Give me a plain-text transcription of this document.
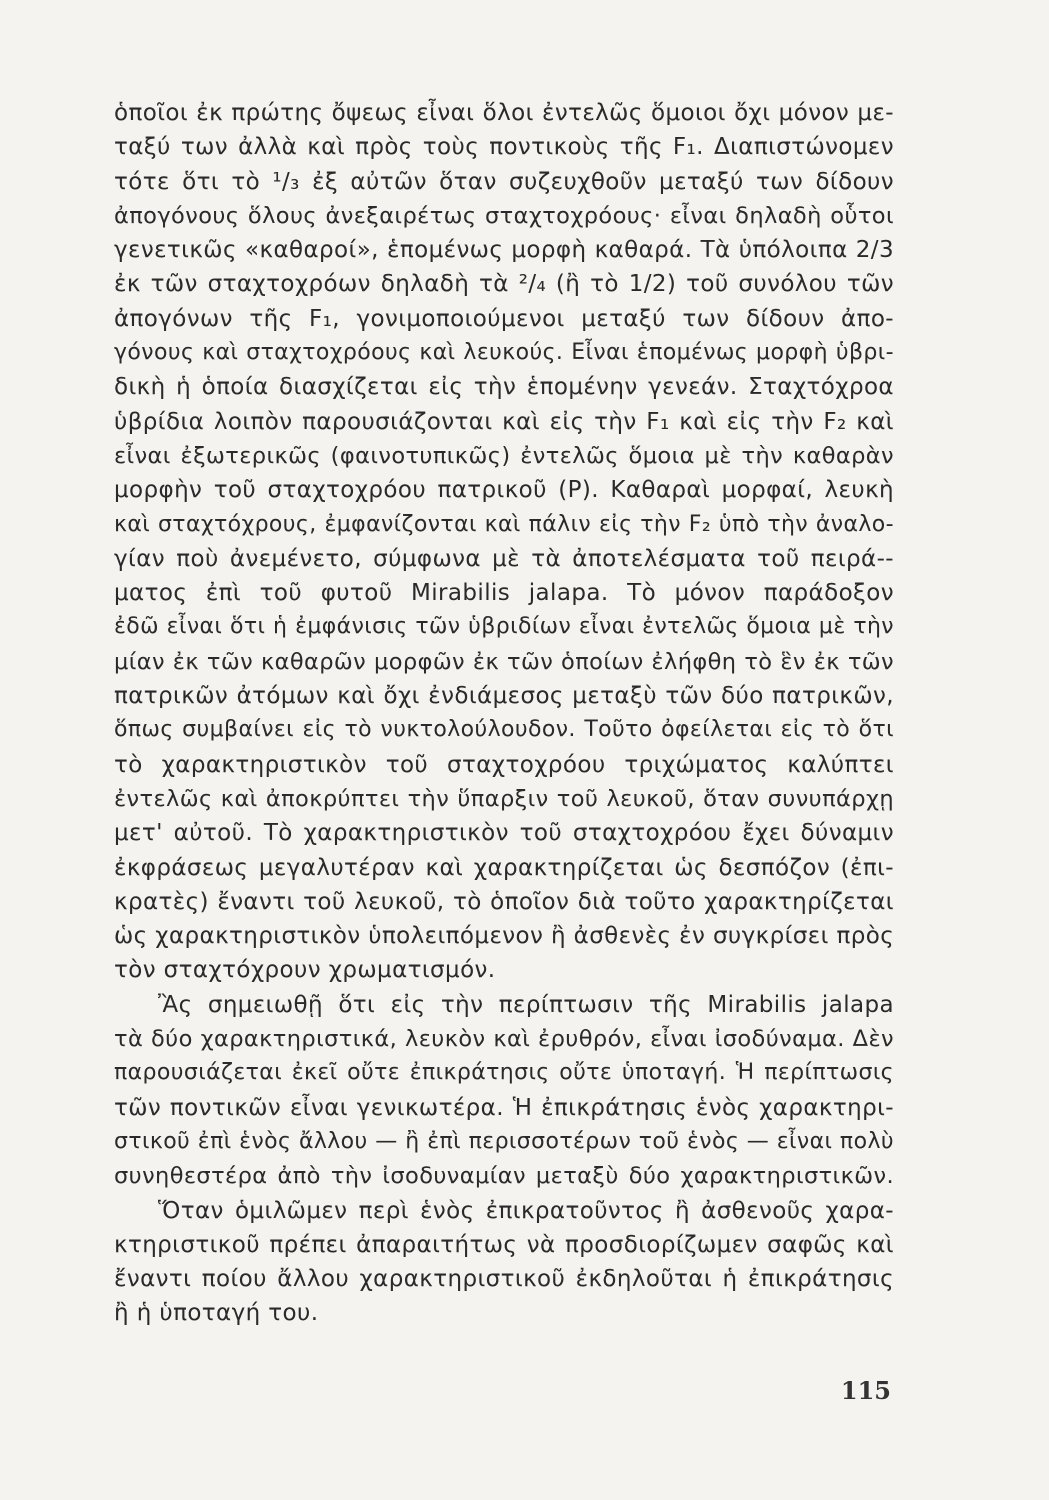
ὁποῖοι ἐκ πρώτης ὄψεως εἶναι ὅλοι ἐντελῶς ὅμοιοι ὄχι μόνον με-
ταξύ των ἀλλὰ καὶ πρὸς τοὺς ποντικοὺς τῆς F₁. Διαπιστώνομεν
τότε ὅτι τὸ ¹/₃ ἐξ αὐτῶν ὅταν συζευχθοῦν μεταξύ των δίδουν
ἀπογόνους ὅλους ἀνεξαιρέτως σταχτοχρόους· εἶναι δηλαδὴ οὗτοι
γενετικῶς «καθαροί», ἑπομένως μορφὴ καθαρά. Τὰ ὑπόλοιπα 2/3
ἐκ τῶν σταχτοχρόων δηλαδὴ τὰ ²/₄ (ἢ τὸ 1/2) τοῦ συνόλου τῶν
ἀπογόνων τῆς F₁, γονιμοποιούμενοι μεταξύ των δίδουν ἀπο-
γόνους καὶ σταχτοχρόους καὶ λευκούς. Εἶναι ἑπομένως μορφὴ ὑβρι-
δικὴ ἡ ὁποία διασχίζεται εἰς τὴν ἑπομένην γενεάν. Σταχτόχροα
ὑβρίδια λοιπὸν παρουσιάζονται καὶ εἰς τὴν F₁ καὶ εἰς τὴν F₂ καὶ
εἶναι ἐξωτερικῶς (φαινοτυπικῶς) ἐντελῶς ὅμοια μὲ τὴν καθαρὰν
μορφὴν τοῦ σταχτοχρόου πατρικοῦ (P). Καθαραὶ μορφαί, λευκὴ
καὶ σταχτόχρους, ἐμφανίζονται καὶ πάλιν εἰς τὴν F₂ ὑπὸ τὴν ἀναλο-
γίαν ποὺ ἀνεμένετο, σύμφωνα μὲ τὰ ἀποτελέσματα τοῦ πειρά--
ματος ἐπὶ τοῦ φυτοῦ Mirabilis jalapa. Τὸ μόνον παράδοξον
ἐδῶ εἶναι ὅτι ἡ ἐμφάνισις τῶν ὑβριδίων εἶναι ἐντελῶς ὅμοια μὲ τὴν
μίαν ἐκ τῶν καθαρῶν μορφῶν ἐκ τῶν ὁποίων ἐλήφθη τὸ ἓν ἐκ τῶν
πατρικῶν ἀτόμων καὶ ὄχι ἐνδιάμεσος μεταξὺ τῶν δύο πατρικῶν,
ὅπως συμβαίνει εἰς τὸ νυκτολούλουδον. Τοῦτο ὀφείλεται εἰς τὸ ὅτι
τὸ χαρακτηριστικὸν τοῦ σταχτοχρόου τριχώματος καλύπτει
ἐντελῶς καὶ ἀποκρύπτει τὴν ὕπαρξιν τοῦ λευκοῦ, ὅταν συνυπάρχῃ
μετ' αὐτοῦ. Τὸ χαρακτηριστικὸν τοῦ σταχτοχρόου ἔχει δύναμιν
ἐκφράσεως μεγαλυτέραν καὶ χαρακτηρίζεται ὡς δεσπόζον (ἐπι-
κρατὲς) ἔναντι τοῦ λευκοῦ, τὸ ὁποῖον διὰ τοῦτο χαρακτηρίζεται
ὡς χαρακτηριστικὸν ὑπολειπόμενον ἢ ἀσθενὲς ἐν συγκρίσει πρὸς
τὸν σταχτόχρουν χρωματισμόν.
Ἂς σημειωθῇ ὅτι εἰς τὴν περίπτωσιν τῆς Mirabilis jalapa
τὰ δύο χαρακτηριστικά, λευκὸν καὶ ἐρυθρόν, εἶναι ἰσοδύναμα. Δὲν
παρουσιάζεται ἐκεῖ οὔτε ἐπικράτησις οὔτε ὑποταγή. Ἡ περίπτωσις
τῶν ποντικῶν εἶναι γενικωτέρα. Ἡ ἐπικράτησις ἑνὸς χαρακτηρι-
στικοῦ ἐπὶ ἑνὸς ἄλλου — ἢ ἐπὶ περισσοτέρων τοῦ ἑνὸς — εἶναι πολὺ
συνηθεστέρα ἀπὸ τὴν ἰσοδυναμίαν μεταξὺ δύο χαρακτηριστικῶν.
Ὅταν ὁμιλῶμεν περὶ ἑνὸς ἐπικρατοῦντος ἢ ἀσθενοῦς χαρα-
κτηριστικοῦ πρέπει ἀπαραιτήτως νὰ προσδιορίζωμεν σαφῶς καὶ
ἔναντι ποίου ἄλλου χαρακτηριστικοῦ ἐκδηλοῦται ἡ ἐπικράτησις
ἢ ἡ ὑποταγή του.
115
